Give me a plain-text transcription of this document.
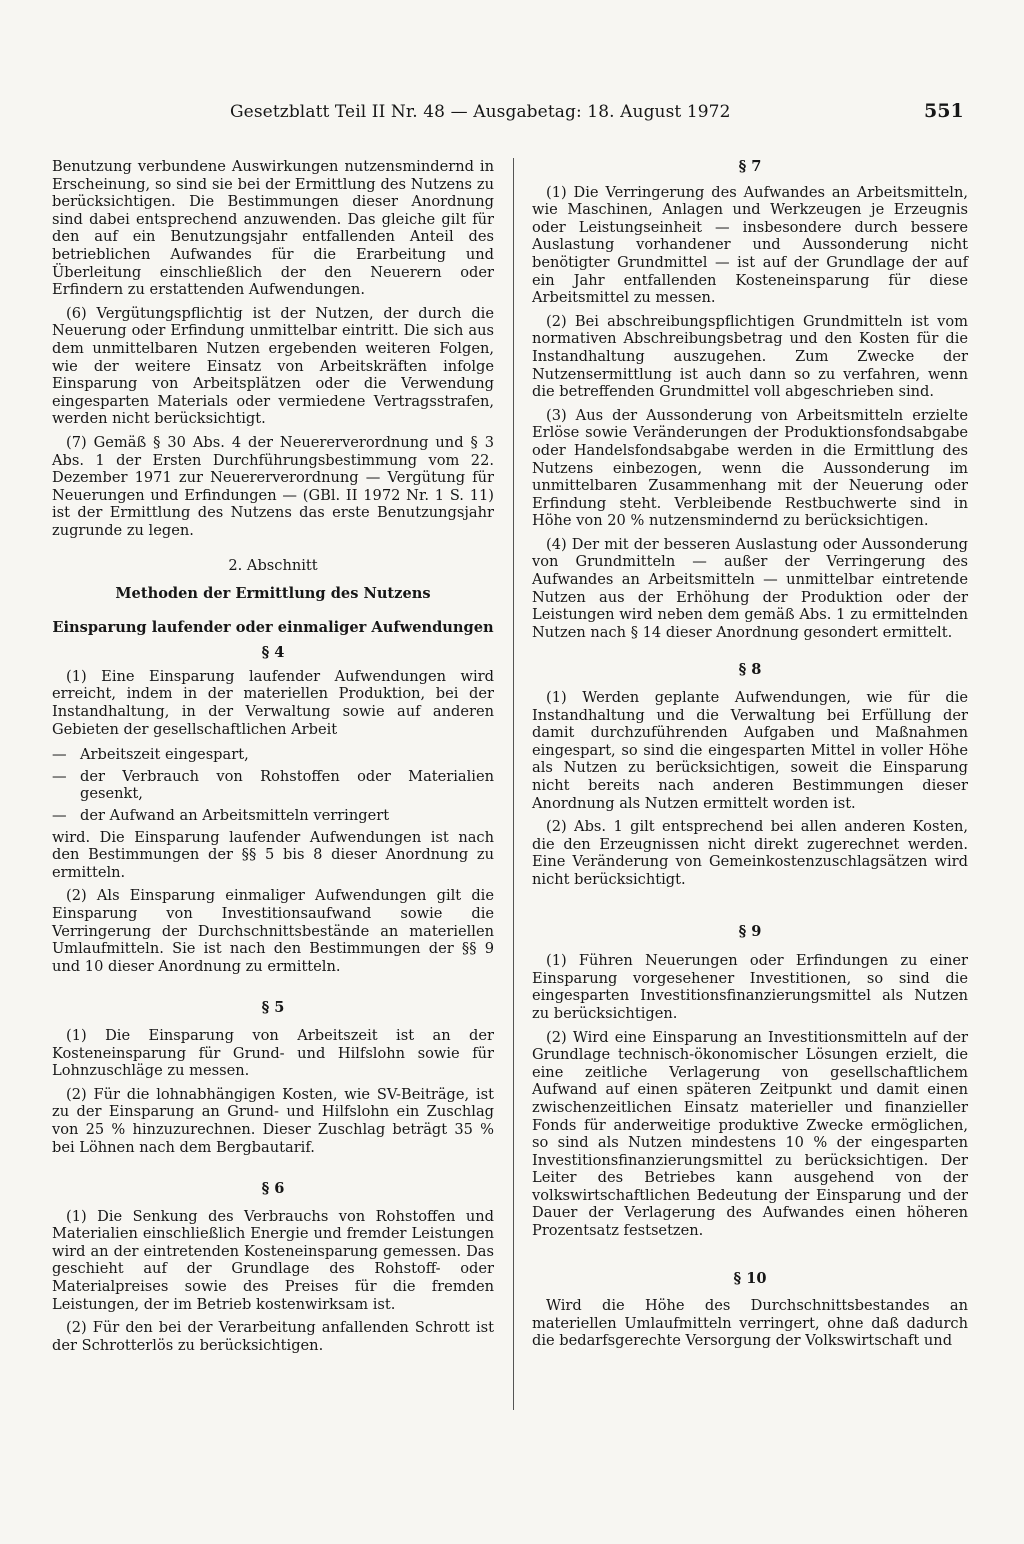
Gesetzblatt Teil II Nr. 48 — Ausgabetag: 18. August 1972	551

Benutzung verbundene Auswirkungen nutzensmindernd in Erscheinung, so sind sie bei der Ermittlung des Nutzens zu berücksichtigen. Die Bestimmungen dieser Anordnung sind dabei entsprechend anzuwenden. Das gleiche gilt für den auf ein Benutzungsjahr entfallenden Anteil des betrieblichen Aufwandes für die Erarbeitung und Überleitung einschließlich der den Neuerern oder Erfindern zu erstattenden Aufwendungen.

(6) Vergütungspflichtig ist der Nutzen, der durch die Neuerung oder Erfindung unmittelbar eintritt. Die sich aus dem unmittelbaren Nutzen ergebenden weiteren Folgen, wie der weitere Einsatz von Arbeitskräften infolge Einsparung von Arbeitsplätzen oder die Verwendung eingesparten Materials oder vermiedene Vertragsstrafen, werden nicht berücksichtigt.

(7) Gemäß § 30 Abs. 4 der Neuererverordnung und § 3 Abs. 1 der Ersten Durchführungsbestimmung vom 22. Dezember 1971 zur Neuererverordnung — Vergütung für Neuerungen und Erfindungen — (GBl. II 1972 Nr. 1 S. 11) ist der Ermittlung des Nutzens das erste Benutzungsjahr zugrunde zu legen.

2. Abschnitt

Methoden der Ermittlung des Nutzens

Einsparung laufender oder einmaliger Aufwendungen

§ 4

(1) Eine Einsparung laufender Aufwendungen wird erreicht, indem in der materiellen Produktion, bei der Instandhaltung, in der Verwaltung sowie auf anderen Gebieten der gesellschaftlichen Arbeit

— Arbeitszeit eingespart,
— der Verbrauch von Rohstoffen oder Materialien gesenkt,
— der Aufwand an Arbeitsmitteln verringert

wird. Die Einsparung laufender Aufwendungen ist nach den Bestimmungen der §§ 5 bis 8 dieser Anordnung zu ermitteln.

(2) Als Einsparung einmaliger Aufwendungen gilt die Einsparung von Investitionsaufwand sowie die Verringerung der Durchschnittsbestände an materiellen Umlaufmitteln. Sie ist nach den Bestimmungen der §§ 9 und 10 dieser Anordnung zu ermitteln.

§ 5

(1) Die Einsparung von Arbeitszeit ist an der Kosteneinsparung für Grund- und Hilfslohn sowie für Lohnzuschläge zu messen.

(2) Für die lohnabhängigen Kosten, wie SV-Beiträge, ist zu der Einsparung an Grund- und Hilfslohn ein Zuschlag von 25 % hinzuzurechnen. Dieser Zuschlag beträgt 35 % bei Löhnen nach dem Bergbautarif.

§ 6

(1) Die Senkung des Verbrauchs von Rohstoffen und Materialien einschließlich Energie und fremder Leistungen wird an der eintretenden Kosteneinsparung gemessen. Das geschieht auf der Grundlage des Rohstoff- oder Materialpreises sowie des Preises für die fremden Leistungen, der im Betrieb kostenwirksam ist.

(2) Für den bei der Verarbeitung anfallenden Schrott ist der Schrotterlös zu berücksichtigen.

§ 7

(1) Die Verringerung des Aufwandes an Arbeitsmitteln, wie Maschinen, Anlagen und Werkzeugen je Erzeugnis oder Leistungseinheit — insbesondere durch bessere Auslastung vorhandener und Aussonderung nicht benötigter Grundmittel — ist auf der Grundlage der auf ein Jahr entfallenden Kosteneinsparung für diese Arbeitsmittel zu messen.

(2) Bei abschreibungspflichtigen Grundmitteln ist vom normativen Abschreibungsbetrag und den Kosten für die Instandhaltung auszugehen. Zum Zwecke der Nutzensermittlung ist auch dann so zu verfahren, wenn die betreffenden Grundmittel voll abgeschrieben sind.

(3) Aus der Aussonderung von Arbeitsmitteln erzielte Erlöse sowie Veränderungen der Produktionsfondsabgabe oder Handelsfondsabgabe werden in die Ermittlung des Nutzens einbezogen, wenn die Aussonderung im unmittelbaren Zusammenhang mit der Neuerung oder Erfindung steht. Verbleibende Restbuchwerte sind in Höhe von 20 % nutzensmindernd zu berücksichtigen.

(4) Der mit der besseren Auslastung oder Aussonderung von Grundmitteln — außer der Verringerung des Aufwandes an Arbeitsmitteln — unmittelbar eintretende Nutzen aus der Erhöhung der Produktion oder der Leistungen wird neben dem gemäß Abs. 1 zu ermittelnden Nutzen nach § 14 dieser Anordnung gesondert ermittelt.

§ 8

(1) Werden geplante Aufwendungen, wie für die Instandhaltung und die Verwaltung bei Erfüllung der damit durchzuführenden Aufgaben und Maßnahmen eingespart, so sind die eingesparten Mittel in voller Höhe als Nutzen zu berücksichtigen, soweit die Einsparung nicht bereits nach anderen Bestimmungen dieser Anordnung als Nutzen ermittelt worden ist.

(2) Abs. 1 gilt entsprechend bei allen anderen Kosten, die den Erzeugnissen nicht direkt zugerechnet werden. Eine Veränderung von Gemeinkostenzuschlagsätzen wird nicht berücksichtigt.

§ 9

(1) Führen Neuerungen oder Erfindungen zu einer Einsparung vorgesehener Investitionen, so sind die eingesparten Investitionsfinanzierungsmittel als Nutzen zu berücksichtigen.

(2) Wird eine Einsparung an Investitionsmitteln auf der Grundlage technisch-ökonomischer Lösungen erzielt, die eine zeitliche Verlagerung von gesellschaftlichem Aufwand auf einen späteren Zeitpunkt und damit einen zwischenzeitlichen Einsatz materieller und finanzieller Fonds für anderweitige produktive Zwecke ermöglichen, so sind als Nutzen mindestens 10 % der eingesparten Investitionsfinanzierungsmittel zu berücksichtigen. Der Leiter des Betriebes kann ausgehend von der volkswirtschaftlichen Bedeutung der Einsparung und der Dauer der Verlagerung des Aufwandes einen höheren Prozentsatz festsetzen.

§ 10

Wird die Höhe des Durchschnittsbestandes an materiellen Umlaufmitteln verringert, ohne daß dadurch die bedarfsgerechte Versorgung der Volkswirtschaft und
